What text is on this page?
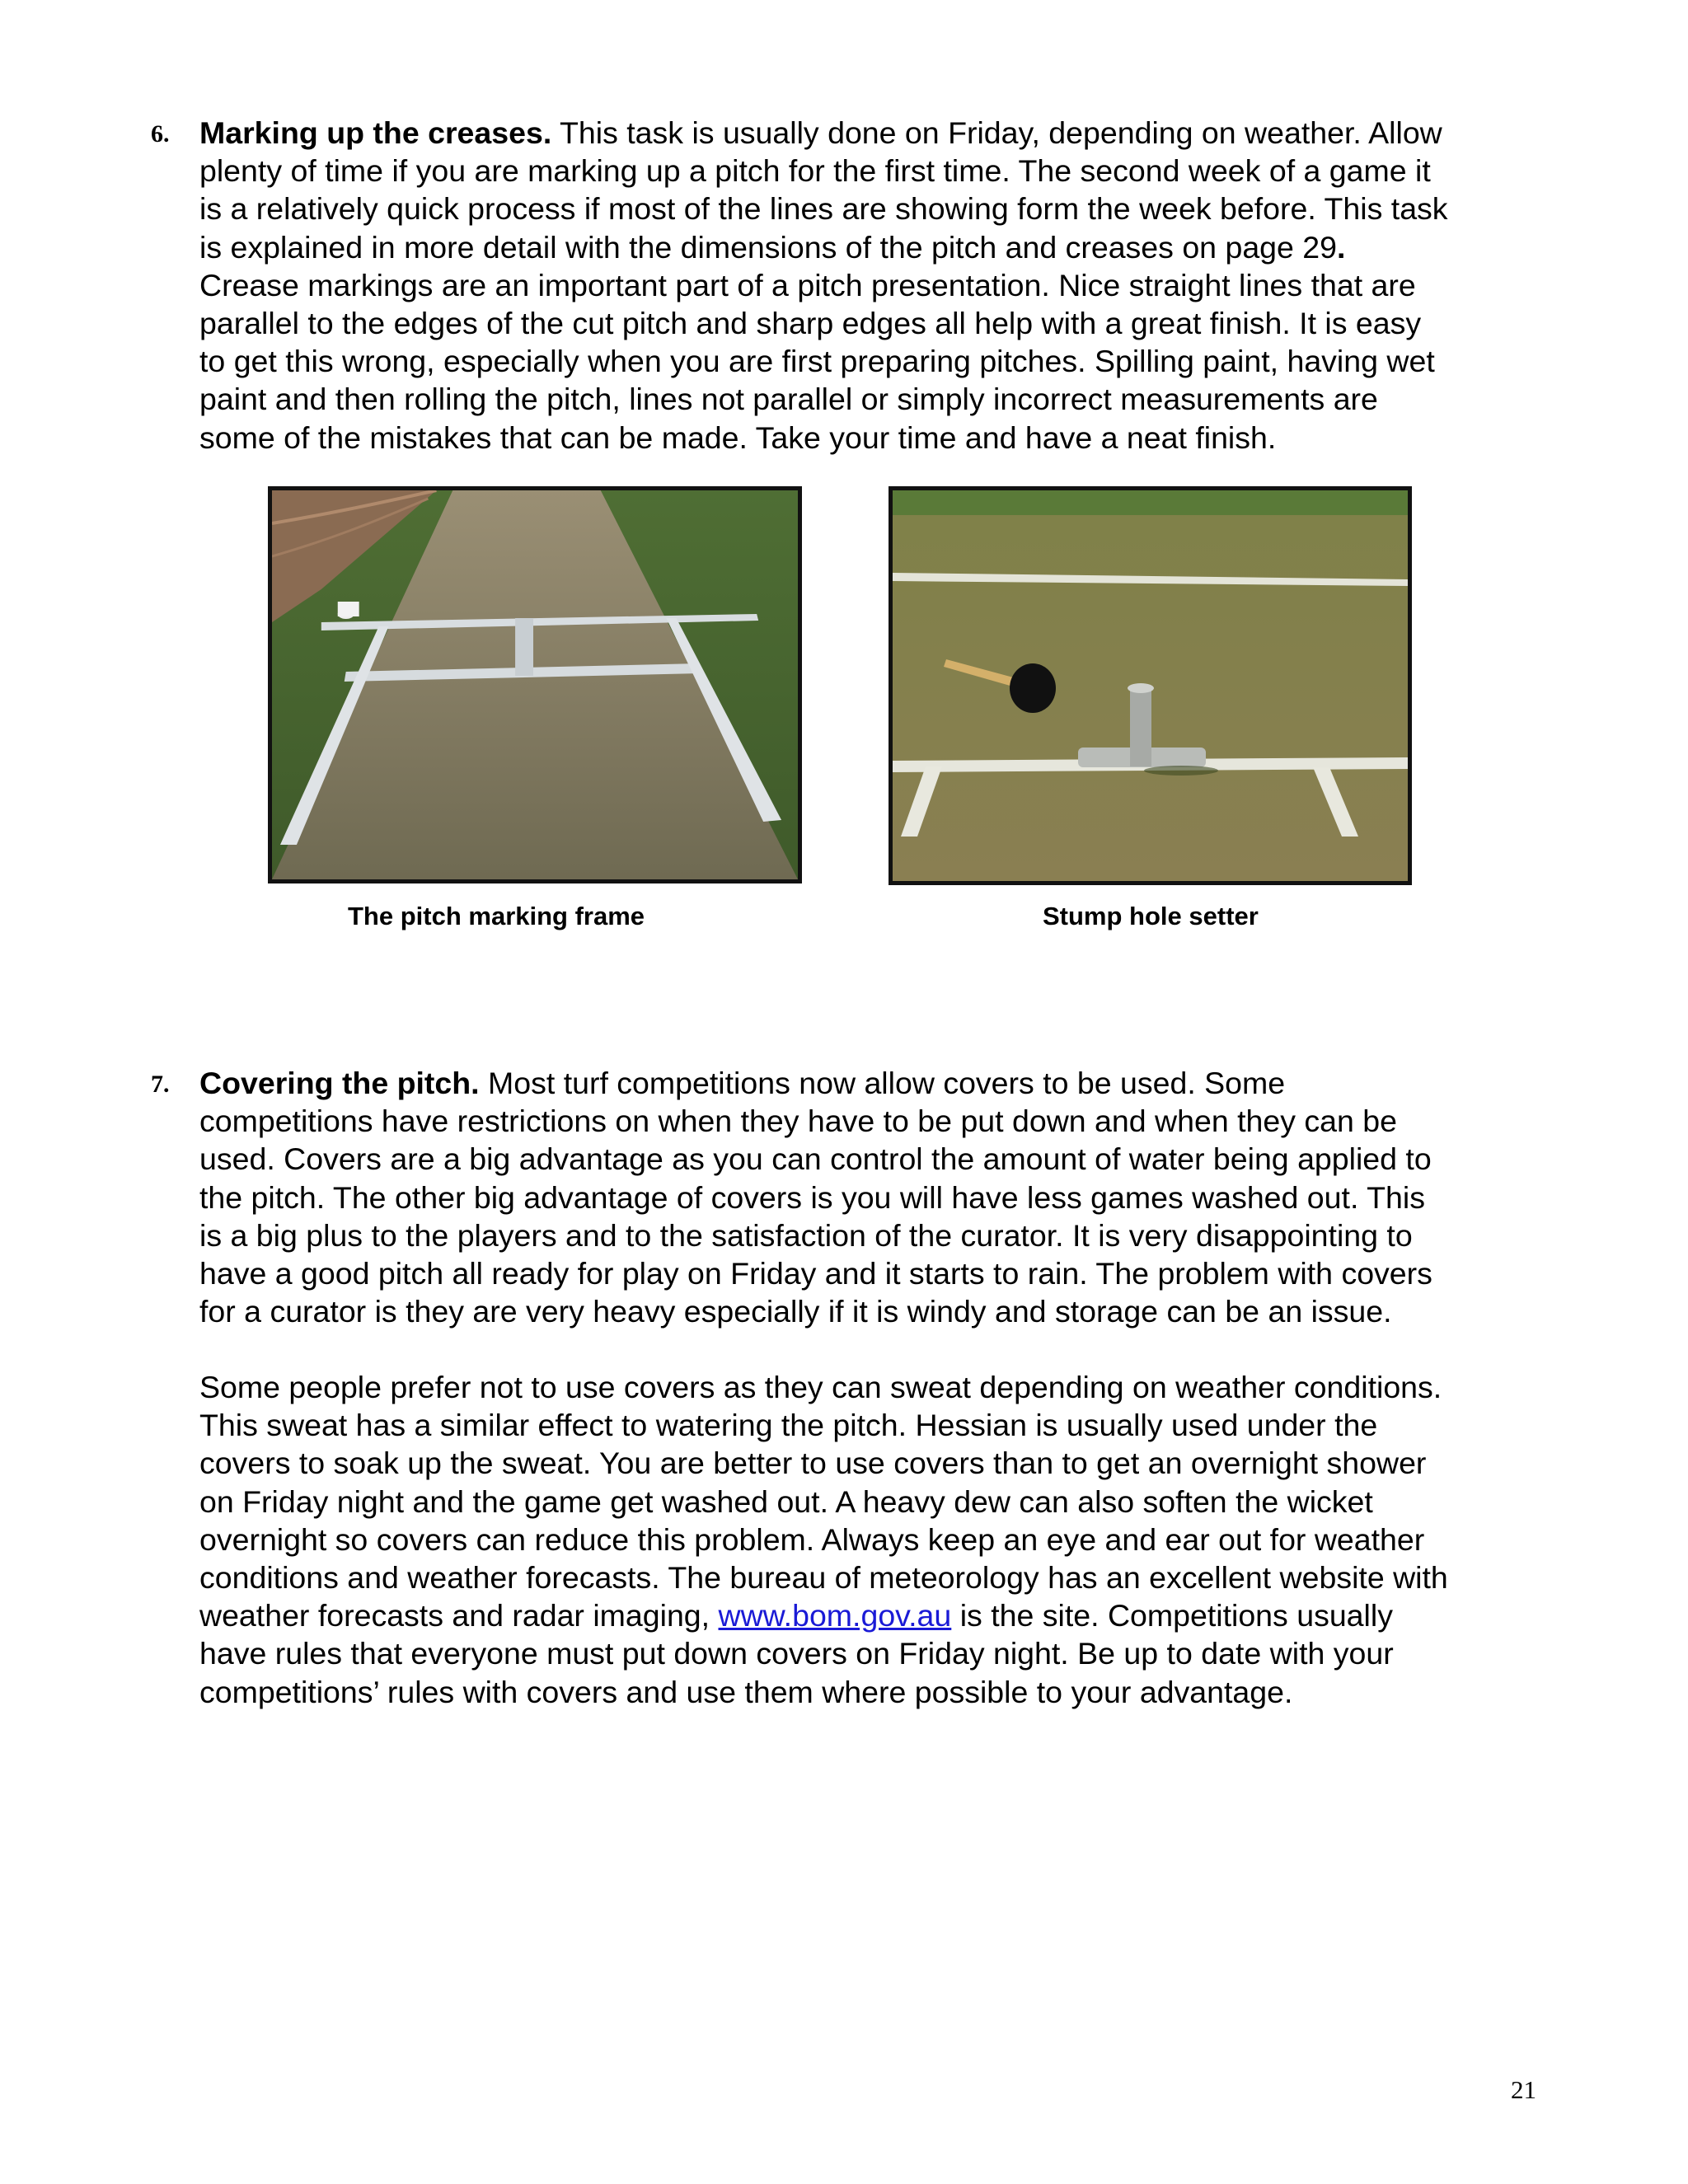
6. Marking up the creases. This task is usually done on Friday, depending on weather. Allow
plenty of time if you are marking up a pitch for the first time. The second week of a game it
is a relatively quick process if most of the lines are showing form the week before. This task
is explained in more detail with the dimensions of the pitch and creases on page 29.
Crease markings are an important part of a pitch presentation. Nice straight lines that are
parallel to the edges of the cut pitch and sharp edges all help with a great finish. It is easy
to get this wrong, especially when you are first preparing pitches. Spilling paint, having wet
paint and then rolling the pitch, lines not parallel or simply incorrect measurements are
some of the mistakes that can be made. Take your time and have a neat finish.
The pitch marking frame	Stump hole setter
7. Covering the pitch. Most turf competitions now allow covers to be used. Some
competitions have restrictions on when they have to be put down and when they can be
used. Covers are a big advantage as you can control the amount of water being applied to
the pitch. The other big advantage of covers is you will have less games washed out. This
is a big plus to the players and to the satisfaction of the curator. It is very disappointing to
have a good pitch all ready for play on Friday and it starts to rain. The problem with covers
for a curator is they are very heavy especially if it is windy and storage can be an issue.
Some people prefer not to use covers as they can sweat depending on weather conditions.
This sweat has a similar effect to watering the pitch. Hessian is usually used under the
covers to soak up the sweat. You are better to use covers than to get an overnight shower
on Friday night and the game get washed out. A heavy dew can also soften the wicket
overnight so covers can reduce this problem. Always keep an eye and ear out for weather
conditions and weather forecasts. The bureau of meteorology has an excellent website with
weather forecasts and radar imaging, www.bom.gov.au is the site. Competitions usually
have rules that everyone must put down covers on Friday night. Be up to date with your
competitions’ rules with covers and use them where possible to your advantage.
21
